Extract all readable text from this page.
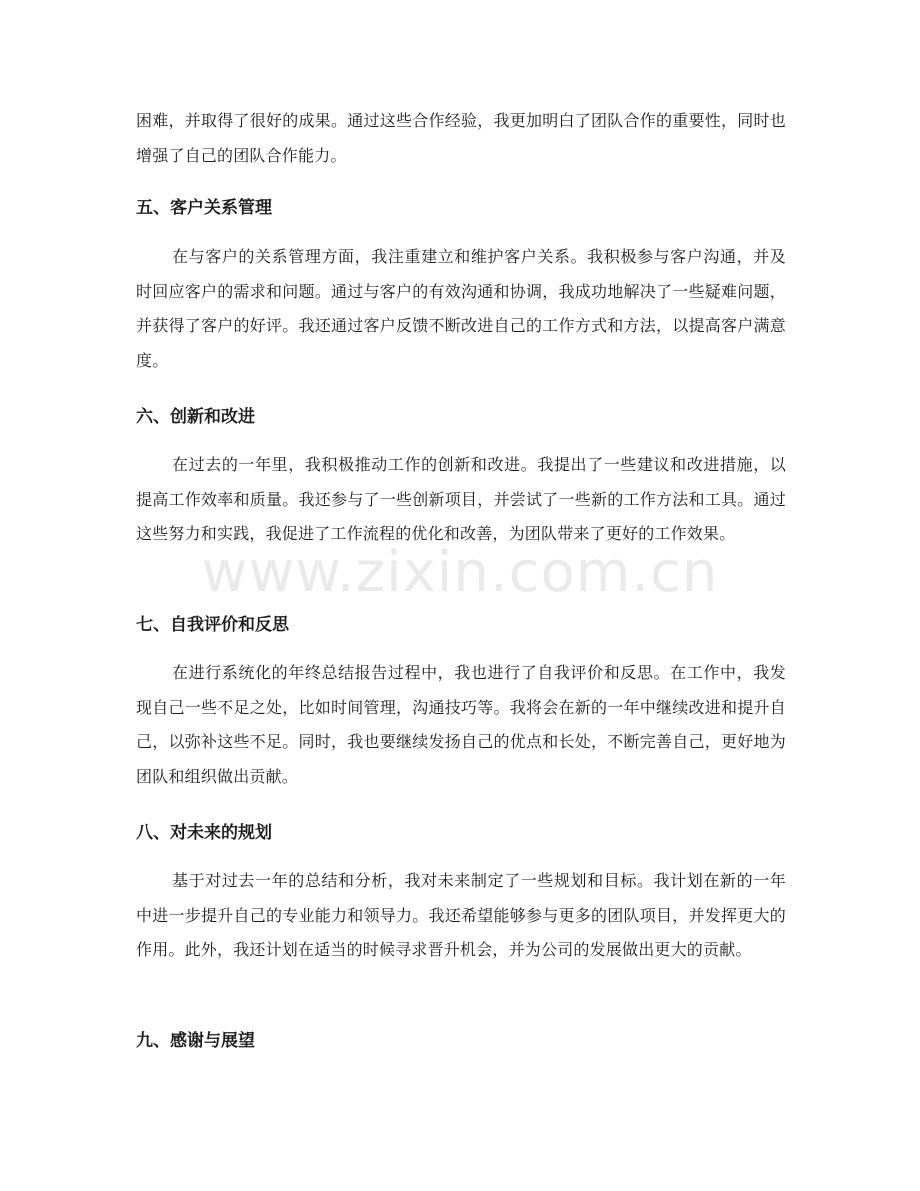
困难，并取得了很好的成果。通过这些合作经验，我更加明白了团队合作的重要性，同时也增强了自己的团队合作能力。
五、客户关系管理
在与客户的关系管理方面，我注重建立和维护客户关系。我积极参与客户沟通，并及时回应客户的需求和问题。通过与客户的有效沟通和协调，我成功地解决了一些疑难问题，并获得了客户的好评。我还通过客户反馈不断改进自己的工作方式和方法，以提高客户满意度。
六、创新和改进
在过去的一年里，我积极推动工作的创新和改进。我提出了一些建议和改进措施，以提高工作效率和质量。我还参与了一些创新项目，并尝试了一些新的工作方法和工具。通过这些努力和实践，我促进了工作流程的优化和改善，为团队带来了更好的工作效果。
七、自我评价和反思
在进行系统化的年终总结报告过程中，我也进行了自我评价和反思。在工作中，我发现自己一些不足之处，比如时间管理，沟通技巧等。我将会在新的一年中继续改进和提升自己，以弥补这些不足。同时，我也要继续发扬自己的优点和长处，不断完善自己，更好地为团队和组织做出贡献。
八、对未来的规划
基于对过去一年的总结和分析，我对未来制定了一些规划和目标。我计划在新的一年中进一步提升自己的专业能力和领导力。我还希望能够参与更多的团队项目，并发挥更大的作用。此外，我还计划在适当的时候寻求晋升机会，并为公司的发展做出更大的贡献。
九、感谢与展望
www.zixin.com.cn
